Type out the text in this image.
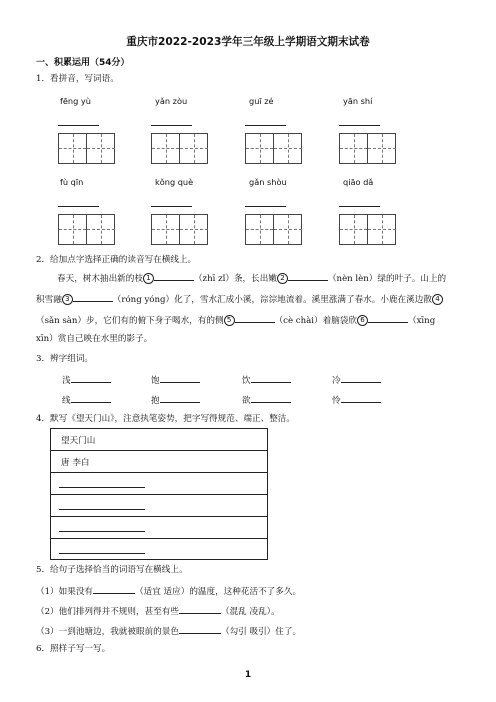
重庆市2022-2023学年三年级上学期语文期末试卷
一、积累运用（54分）
1．看拼音，写词语。
fēng yù	yǎn zòu	guī zé	yān shí
fù qīn	kǒng què	gǎn shòu	qiāo dǎ
2．给加点字选择正确的读音写在横线上。
春天，树木抽出新的枝 1	（zhī zǐ）条，长出嫩 2	（nèn lèn）绿的叶子。山上的
积雪融 3	（róng yóng）化了，雪水汇成小溪，淙淙地流着。溪里涨满了春水。小鹿在溪边散 4
（sǎn sàn）步，它们有的俯下身子喝水，有的侧 5	（cè chài）着脑袋欣 6	（xīng
xīn）赏自己映在水里的影子。
3．辨字组词。
浅	饱	饮	冷
线	抱	欲	怜
4．默写《望天门山》，注意执笔姿势，把字写得规范、端正、整洁。
望天门山
唐 李白
5．给句子选择恰当的词语写在横线上。
（1）如果没有	（适宜 适应）的温度，这种花活不了多久。
（2）他们排列得并不规则，甚至有些	（混乱 凌乱）。
（3）一到池塘边，我就被眼前的景色	（勾引 吸引）住了。
6．照样子写一写。
1
